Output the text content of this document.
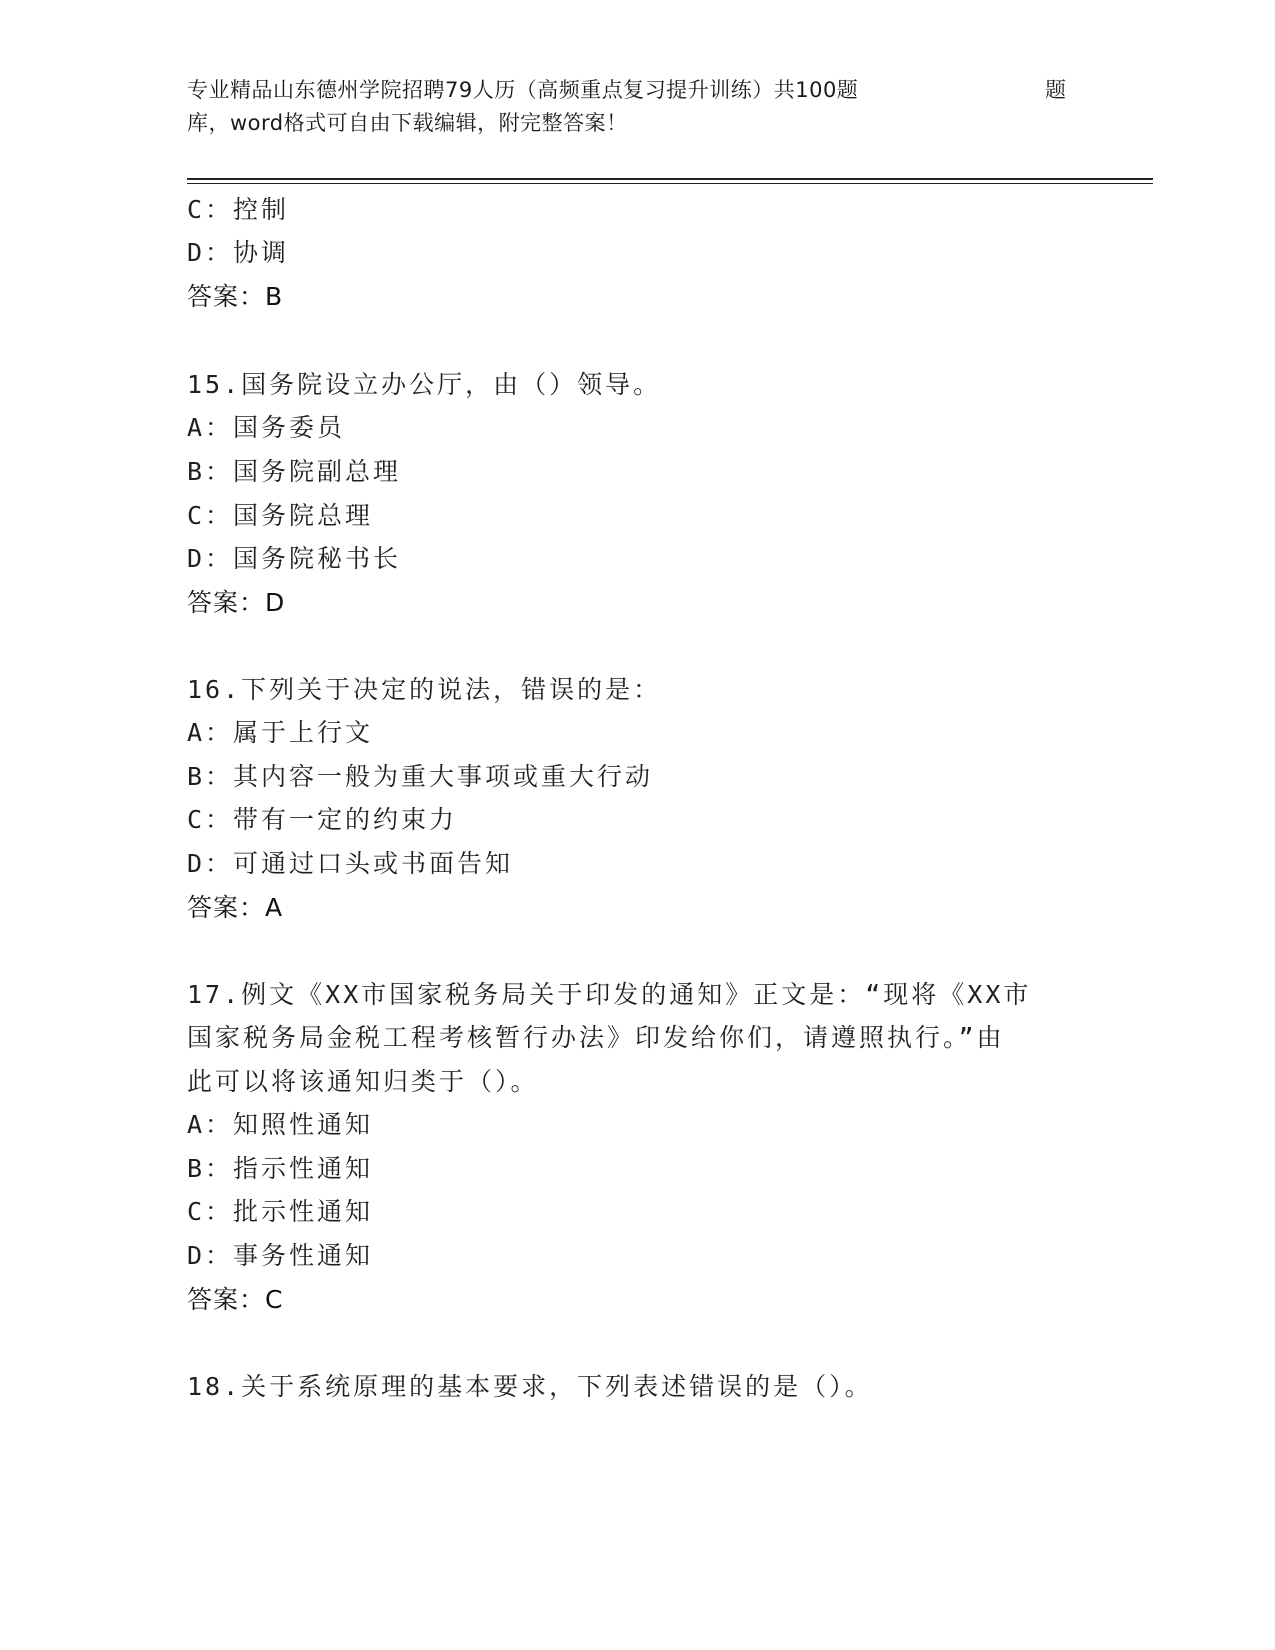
专业精品山东德州学院招聘79人历（高频重点复习提升训练）共100题	题
库，word格式可自由下载编辑，附完整答案！
C：控制
D：协调
答案：B
15.国务院设立办公厅，由（）领导。
A：国务委员
B：国务院副总理
C：国务院总理
D：国务院秘书长
答案：D
16.下列关于决定的说法，错误的是：
A：属于上行文
B：其内容一般为重大事项或重大行动
C：带有一定的约束力
D：可通过口头或书面告知
答案：A
17.例文《XX市国家税务局关于印发的通知》正文是：“现将《XX市
国家税务局金税工程考核暂行办法》印发给你们，请遵照执行。”由
此可以将该通知归类于（）。
A：知照性通知
B：指示性通知
C：批示性通知
D：事务性通知
答案：C
18.关于系统原理的基本要求，下列表述错误的是（）。
